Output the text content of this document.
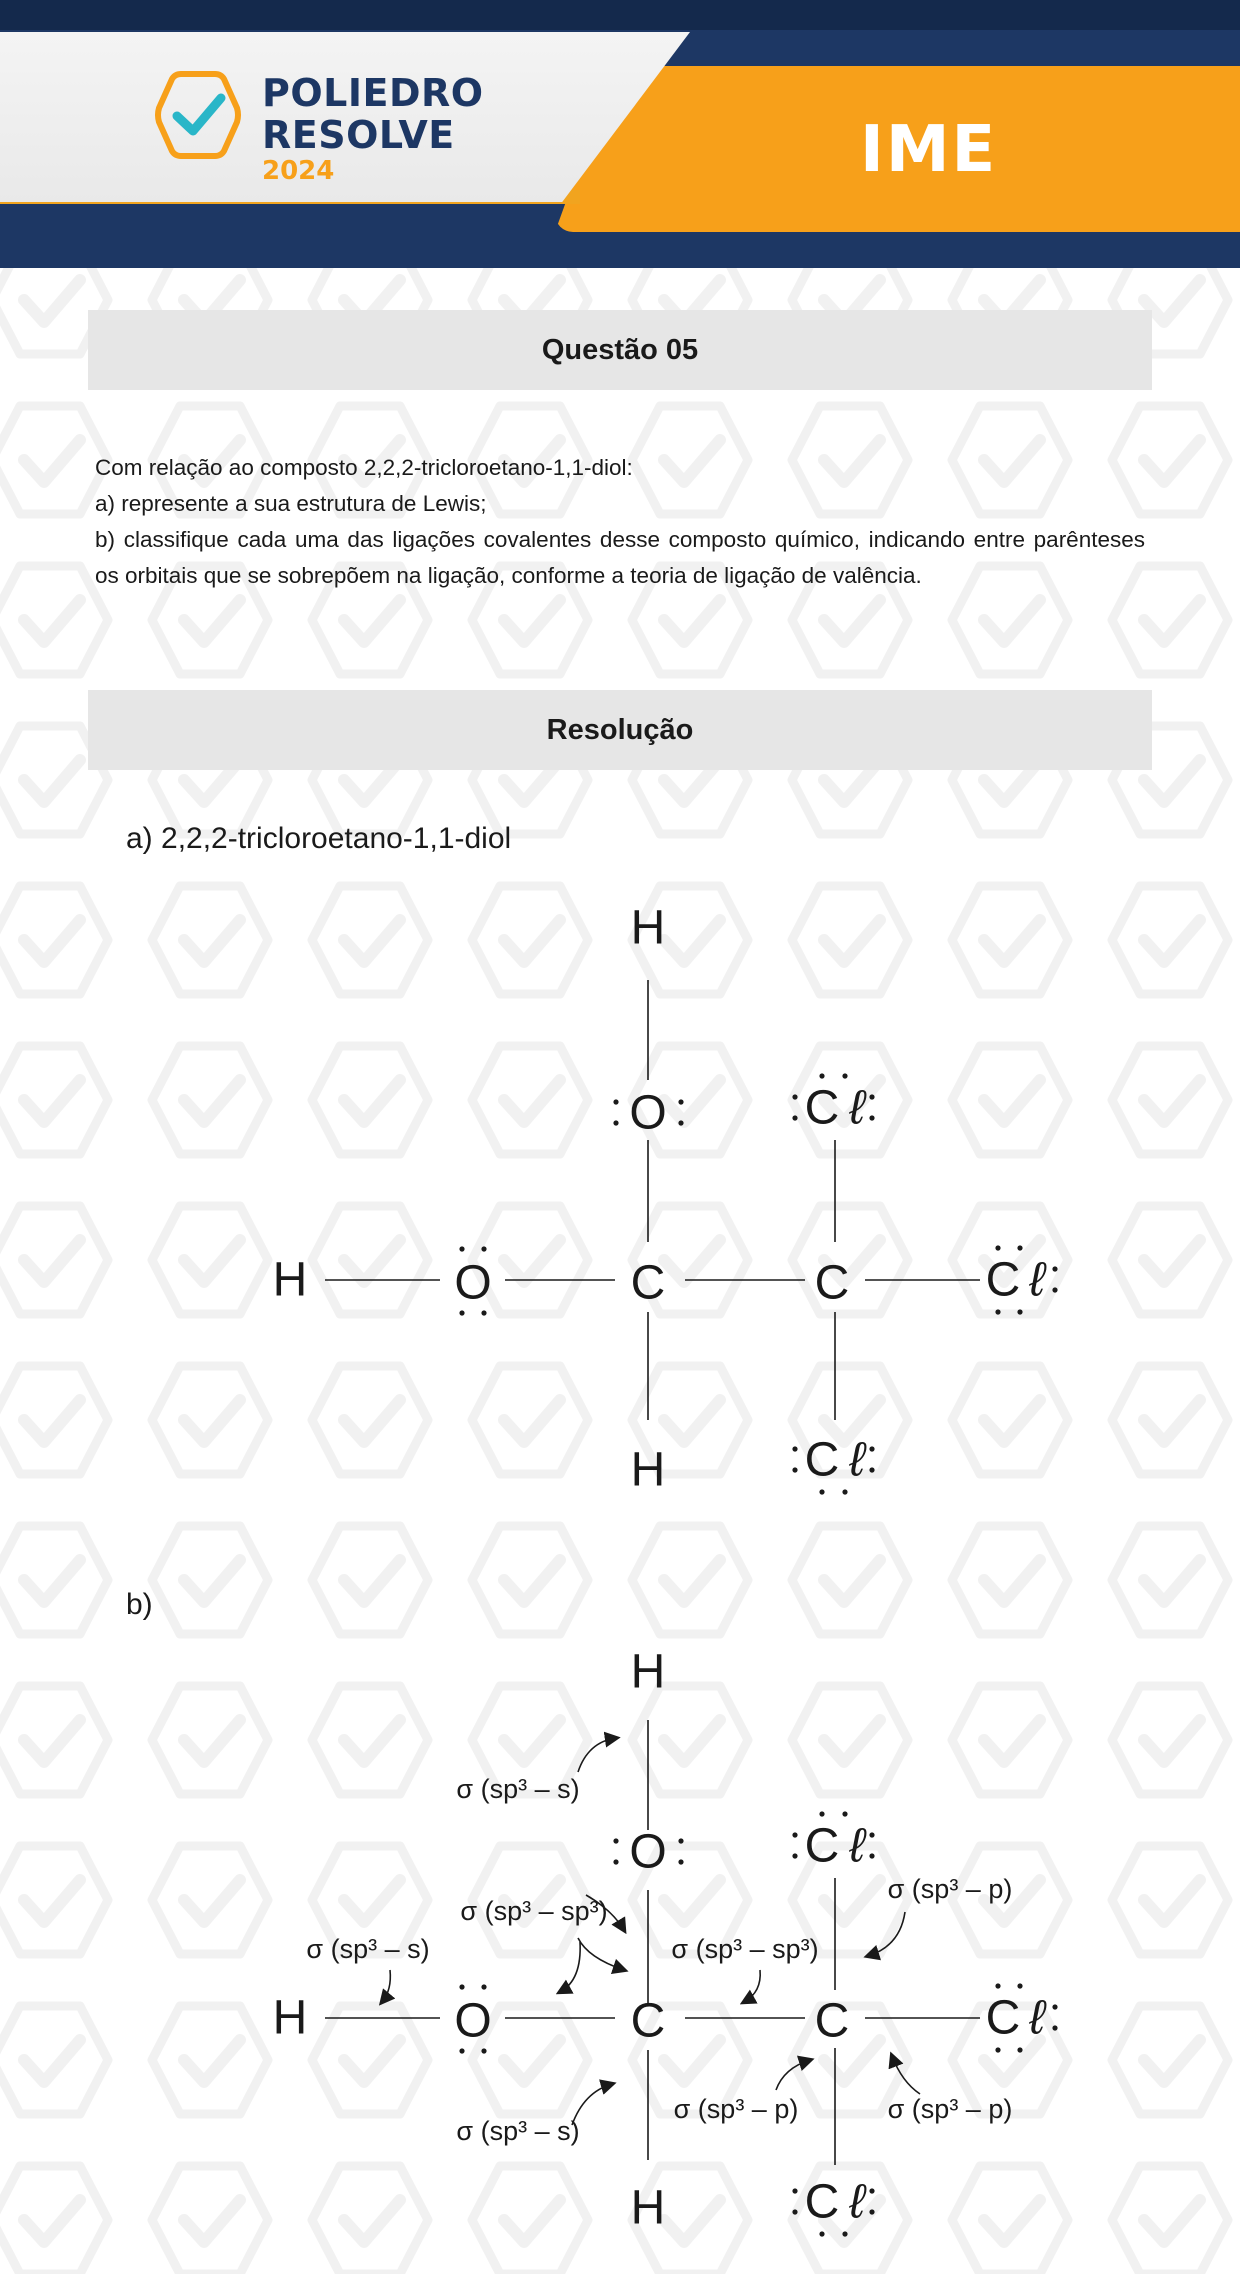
POLIEDRO
RESOLVE
2024	IME
Questão 05

Com relação ao composto 2,2,2-tricloroetano-1,1-diol:

a) represente a sua estrutura de Lewis;

b) classifique cada uma das ligações covalentes desse composto químico, indicando entre parênteses os orbitais que se sobrepõem na ligação, conforme a teoria de ligação de valência.

Resolução
a) 2,2,2-tricloroetano-1,1-diol
H
O
H	O	C	C
H
C ℓ
C ℓ
C ℓ
b)
H
O
H	O	C	C
H
C ℓ
C ℓ
C ℓ
σ (sp³ – s)
σ (sp³ – sp³)
σ (sp³ – s)	σ (sp³ – sp³)
σ (sp³ – p)
σ (sp³ – s)
σ (sp³ – p)	σ (sp³ – p)
